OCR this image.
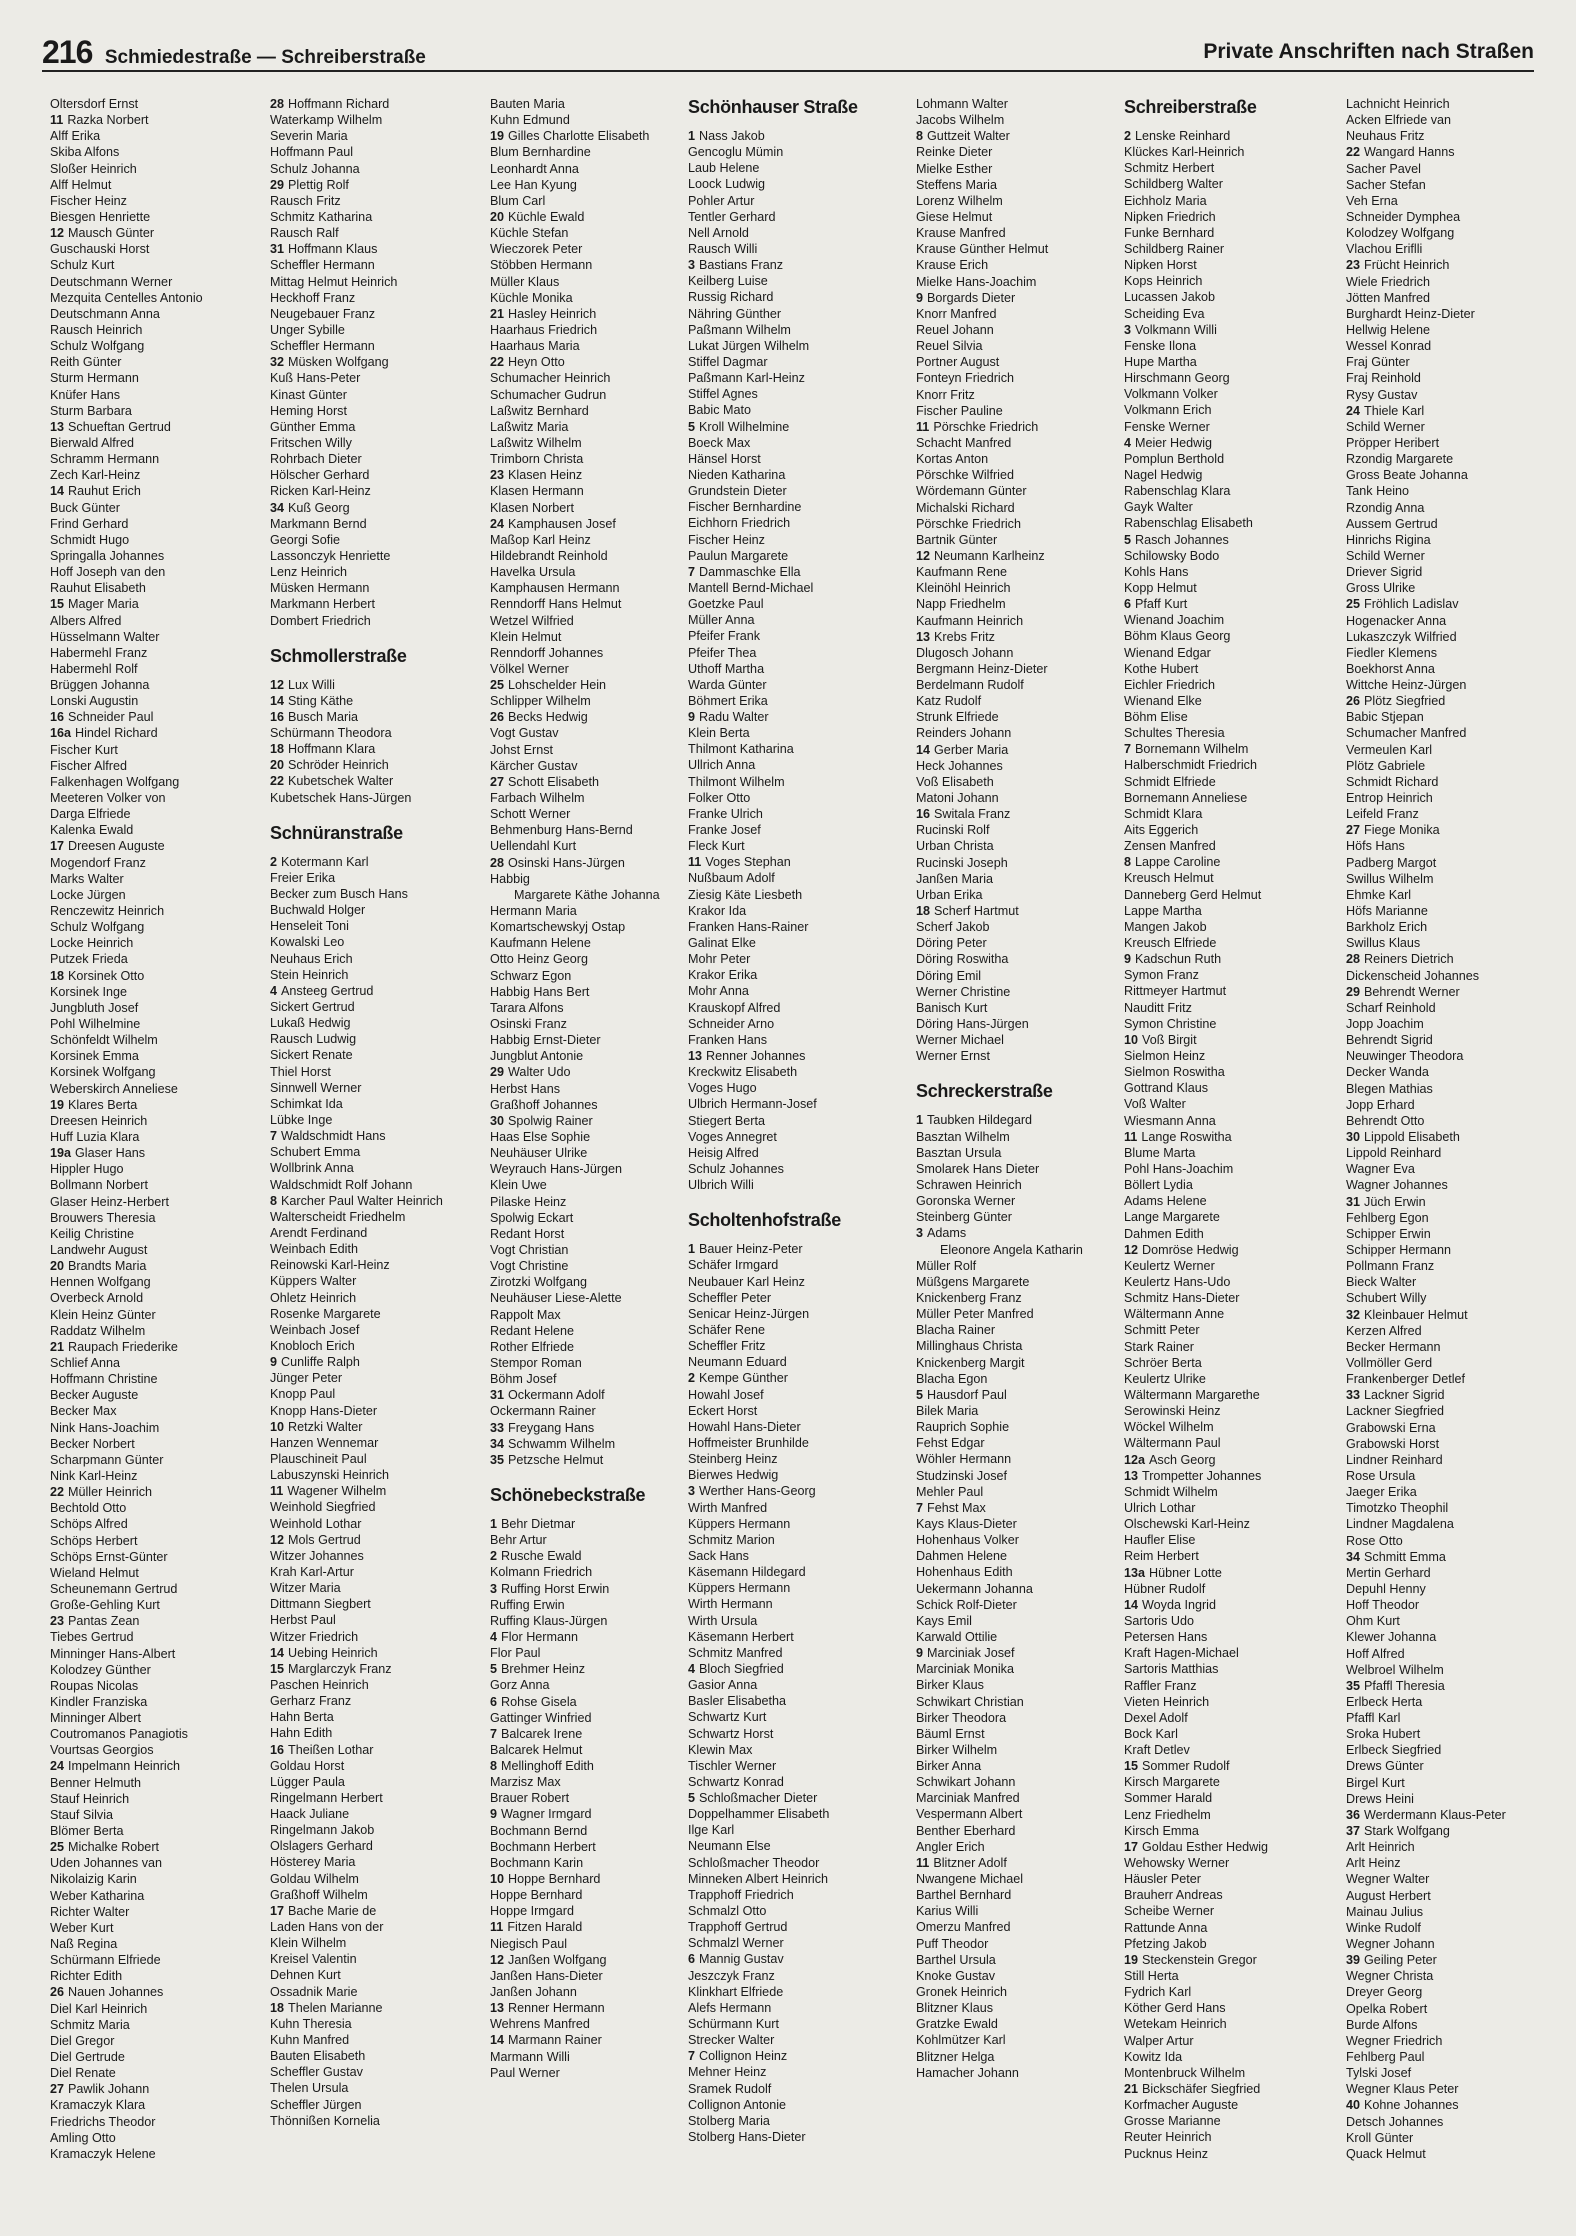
216 Schmiedestraße — Schreiberstraße	Private Anschriften nach Straßen
Oltersdorf Ernst
11 Razka Norbert
Alff Erika
Skiba Alfons
Sloßer Heinrich
Alff Helmut
Fischer Heinz
Biesgen Henriette
12 Mausch Günter
Guschauski Horst
Schulz Kurt
Deutschmann Werner
Mezquita Centelles Antonio
Deutschmann Anna
Rausch Heinrich
Schulz Wolfgang
Reith Günter
Sturm Hermann
Knüfer Hans
Sturm Barbara
13 Schueftan Gertrud
Bierwald Alfred
Schramm Hermann
Zech Karl-Heinz
14 Rauhut Erich
Buck Günter
Frind Gerhard
Schmidt Hugo
Springalla Johannes
Hoff Joseph van den
Rauhut Elisabeth
15 Mager Maria
Albers Alfred
Hüsselmann Walter
Habermehl Franz
Habermehl Rolf
Brüggen Johanna
Lonski Augustin
16 Schneider Paul
16a Hindel Richard
Fischer Kurt
Fischer Alfred
Falkenhagen Wolfgang
Meeteren Volker von
Darga Elfriede
Kalenka Ewald
17 Dreesen Auguste
Mogendorf Franz
Marks Walter
Locke Jürgen
Renczewitz Heinrich
Schulz Wolfgang
Locke Heinrich
Putzek Frieda
18 Korsinek Otto
Korsinek Inge
Jungbluth Josef
Pohl Wilhelmine
Schönfeldt Wilhelm
Korsinek Emma
Korsinek Wolfgang
Weberskirch Anneliese
19 Klares Berta
Dreesen Heinrich
Huff Luzia Klara
19a Glaser Hans
Hippler Hugo
Bollmann Norbert
Glaser Heinz-Herbert
Brouwers Theresia
Keilig Christine
Landwehr August
20 Brandts Maria
Hennen Wolfgang
Overbeck Arnold
Klein Heinz Günter
Raddatz Wilhelm
21 Raupach Friederike
Schlief Anna
Hoffmann Christine
Becker Auguste
Becker Max
Nink Hans-Joachim
Becker Norbert
Scharpmann Günter
Nink Karl-Heinz
22 Müller Heinrich
Bechtold Otto
Schöps Alfred
Schöps Herbert
Schöps Ernst-Günter
Wieland Helmut
Scheunemann Gertrud
Große-Gehling Kurt
23 Pantas Zean
Tiebes Gertrud
Minninger Hans-Albert
Kolodzey Günther
Roupas Nicolas
Kindler Franziska
Minninger Albert
Coutromanos Panagiotis
Vourtsas Georgios
24 Impelmann Heinrich
Benner Helmuth
Stauf Heinrich
Stauf Silvia
Blömer Berta
25 Michalke Robert
Uden Johannes van
Nikolaizig Karin
Weber Katharina
Richter Walter
Weber Kurt
Naß Regina
Schürmann Elfriede
Richter Edith
26 Nauen Johannes
Diel Karl Heinrich
Schmitz Maria
Diel Gregor
Diel Gertrude
Diel Renate
27 Pawlik Johann
Kramaczyk Klara
Friedrichs Theodor
Amling Otto
Kramaczyk Helene
28 Hoffmann Richard
Waterkamp Wilhelm
Severin Maria
Hoffmann Paul
Schulz Johanna
29 Plettig Rolf
Rausch Fritz
Schmitz Katharina
Rausch Ralf
31 Hoffmann Klaus
Scheffler Hermann
Mittag Helmut Heinrich
Heckhoff Franz
Neugebauer Franz
Unger Sybille
Scheffler Hermann
32 Müsken Wolfgang
Kuß Hans-Peter
Kinast Günter
Heming Horst
Günther Emma
Fritschen Willy
Rohrbach Dieter
Hölscher Gerhard
Ricken Karl-Heinz
34 Kuß Georg
Markmann Bernd
Georgi Sofie
Lassonczyk Henriette
Lenz Heinrich
Müsken Hermann
Markmann Herbert
Dombert Friedrich
Schmollerstraße
12 Lux Willi
14 Sting Käthe
16 Busch Maria
Schürmann Theodora
18 Hoffmann Klara
20 Schröder Heinrich
22 Kubetschek Walter
Kubetschek Hans-Jürgen
Schnüranstraße
2 Kotermann Karl
Freier Erika
Becker zum Busch Hans
Buchwald Holger
Henseleit Toni
Kowalski Leo
Neuhaus Erich
Stein Heinrich
4 Ansteeg Gertrud
Sickert Gertrud
Lukaß Hedwig
Rausch Ludwig
Sickert Renate
Thiel Horst
Sinnwell Werner
Schimkat Ida
Lübke Inge
7 Waldschmidt Hans
Schubert Emma
Wollbrink Anna
Waldschmidt Rolf Johann
8 Karcher Paul Walter Heinrich
Walterscheidt Friedhelm
Arendt Ferdinand
Weinbach Edith
Reinowski Karl-Heinz
Küppers Walter
Ohletz Heinrich
Rosenke Margarete
Weinbach Josef
Knobloch Erich
9 Cunliffe Ralph
Jünger Peter
Knopp Paul
Knopp Hans-Dieter
10 Retzki Walter
Hanzen Wennemar
Plauschineit Paul
Labuszynski Heinrich
11 Wagener Wilhelm
Weinhold Siegfried
Weinhold Lothar
12 Mols Gertrud
Witzer Johannes
Krah Karl-Artur
Witzer Maria
Dittmann Siegbert
Herbst Paul
Witzer Friedrich
14 Uebing Heinrich
15 Marglarczyk Franz
Paschen Heinrich
Gerharz Franz
Hahn Berta
Hahn Edith
16 Theißen Lothar
Goldau Horst
Lügger Paula
Ringelmann Herbert
Haack Juliane
Ringelmann Jakob
Olslagers Gerhard
Hösterey Maria
Goldau Wilhelm
Graßhoff Wilhelm
17 Bache Marie de
Laden Hans von der
Klein Wilhelm
Kreisel Valentin
Dehnen Kurt
Ossadnik Marie
18 Thelen Marianne
Kuhn Theresia
Kuhn Manfred
Bauten Elisabeth
Scheffler Gustav
Thelen Ursula
Scheffler Jürgen
Thönnißen Kornelia
Bauten Maria
Kuhn Edmund
19 Gilles Charlotte Elisabeth
Blum Bernhardine
Leonhardt Anna
Lee Han Kyung
Blum Carl
20 Küchle Ewald
Küchle Stefan
Wieczorek Peter
Stöbben Hermann
Müller Klaus
Küchle Monika
21 Hasley Heinrich
Haarhaus Friedrich
Haarhaus Maria
22 Heyn Otto
Schumacher Heinrich
Schumacher Gudrun
Laßwitz Bernhard
Laßwitz Maria
Laßwitz Wilhelm
Trimborn Christa
23 Klasen Heinz
Klasen Hermann
Klasen Norbert
24 Kamphausen Josef
Maßop Karl Heinz
Hildebrandt Reinhold
Havelka Ursula
Kamphausen Hermann
Renndorff Hans Helmut
Wetzel Wilfried
Klein Helmut
Renndorff Johannes
Völkel Werner
25 Lohschelder Hein
Schlipper Wilhelm
26 Becks Hedwig
Vogt Gustav
Johst Ernst
Kärcher Gustav
27 Schott Elisabeth
Farbach Wilhelm
Schott Werner
Behmenburg Hans-Bernd
Uellendahl Kurt
28 Osinski Hans-Jürgen
Habbig
Margarete Käthe Johanna
Hermann Maria
Komartschewskyj Ostap
Kaufmann Helene
Otto Heinz Georg
Schwarz Egon
Habbig Hans Bert
Tarara Alfons
Osinski Franz
Habbig Ernst-Dieter
Jungblut Antonie
29 Walter Udo
Herbst Hans
Graßhoff Johannes
30 Spolwig Rainer
Haas Else Sophie
Neuhäuser Ulrike
Weyrauch Hans-Jürgen
Klein Uwe
Pilaske Heinz
Spolwig Eckart
Redant Horst
Vogt Christian
Vogt Christine
Zirotzki Wolfgang
Neuhäuser Liese-Alette
Rappolt Max
Redant Helene
Rother Elfriede
Stempor Roman
Böhm Josef
31 Ockermann Adolf
Ockermann Rainer
33 Freygang Hans
34 Schwamm Wilhelm
35 Petzsche Helmut
Schönebeckstraße
1 Behr Dietmar
Behr Artur
2 Rusche Ewald
Kolmann Friedrich
3 Ruffing Horst Erwin
Ruffing Erwin
Ruffing Klaus-Jürgen
4 Flor Hermann
Flor Paul
5 Brehmer Heinz
Gorz Anna
6 Rohse Gisela
Gattinger Winfried
7 Balcarek Irene
Balcarek Helmut
8 Mellinghoff Edith
Marzisz Max
Brauer Robert
9 Wagner Irmgard
Bochmann Bernd
Bochmann Herbert
Bochmann Karin
10 Hoppe Bernhard
Hoppe Bernhard
Hoppe Irmgard
11 Fitzen Harald
Niegisch Paul
12 Janßen Wolfgang
Janßen Hans-Dieter
Janßen Johann
13 Renner Hermann
Wehrens Manfred
14 Marmann Rainer
Marmann Willi
Paul Werner
Schönhauser Straße
1 Nass Jakob
Gencoglu Mümin
Laub Helene
Loock Ludwig
Pohler Artur
Tentler Gerhard
Nell Arnold
Rausch Willi
3 Bastians Franz
Keilberg Luise
Russig Richard
Nähring Günther
Paßmann Wilhelm
Lukat Jürgen Wilhelm
Stiffel Dagmar
Paßmann Karl-Heinz
Stiffel Agnes
Babic Mato
5 Kroll Wilhelmine
Boeck Max
Hänsel Horst
Nieden Katharina
Grundstein Dieter
Fischer Bernhardine
Eichhorn Friedrich
Fischer Heinz
Paulun Margarete
7 Dammaschke Ella
Mantell Bernd-Michael
Goetzke Paul
Müller Anna
Pfeifer Frank
Pfeifer Thea
Uthoff Martha
Warda Günter
Böhmert Erika
9 Radu Walter
Klein Berta
Thilmont Katharina
Ullrich Anna
Thilmont Wilhelm
Folker Otto
Franke Ulrich
Franke Josef
Fleck Kurt
11 Voges Stephan
Nußbaum Adolf
Ziesig Käte Liesbeth
Krakor Ida
Franken Hans-Rainer
Galinat Elke
Mohr Peter
Krakor Erika
Mohr Anna
Krauskopf Alfred
Schneider Arno
Franken Hans
13 Renner Johannes
Kreckwitz Elisabeth
Voges Hugo
Ulbrich Hermann-Josef
Stiegert Berta
Voges Annegret
Heisig Alfred
Schulz Johannes
Ulbrich Willi
Scholtenhofstraße
1 Bauer Heinz-Peter
Schäfer Irmgard
Neubauer Karl Heinz
Scheffler Peter
Senicar Heinz-Jürgen
Schäfer Rene
Scheffler Fritz
Neumann Eduard
2 Kempe Günther
Howahl Josef
Eckert Horst
Howahl Hans-Dieter
Hoffmeister Brunhilde
Steinberg Heinz
Bierwes Hedwig
3 Werther Hans-Georg
Wirth Manfred
Küppers Hermann
Schmitz Marion
Sack Hans
Käsemann Hildegard
Küppers Hermann
Wirth Hermann
Wirth Ursula
Käsemann Herbert
Schmitz Manfred
4 Bloch Siegfried
Gasior Anna
Basler Elisabetha
Schwartz Kurt
Schwartz Horst
Klewin Max
Tischler Werner
Schwartz Konrad
5 Schloßmacher Dieter
Doppelhammer Elisabeth
Ilge Karl
Neumann Else
Schloßmacher Theodor
Minneken Albert Heinrich
Trapphoff Friedrich
Schmalzl Otto
Trapphoff Gertrud
Schmalzl Werner
6 Mannig Gustav
Jeszczyk Franz
Klinkhart Elfriede
Alefs Hermann
Schürmann Kurt
Strecker Walter
7 Collignon Heinz
Mehner Heinz
Sramek Rudolf
Collignon Antonie
Stolberg Maria
Stolberg Hans-Dieter
Lohmann Walter
Jacobs Wilhelm
8 Guttzeit Walter
Reinke Dieter
Mielke Esther
Steffens Maria
Lorenz Wilhelm
Giese Helmut
Krause Manfred
Krause Günther Helmut
Krause Erich
Mielke Hans-Joachim
9 Borgards Dieter
Knorr Manfred
Reuel Johann
Reuel Silvia
Portner August
Fonteyn Friedrich
Knorr Fritz
Fischer Pauline
11 Pörschke Friedrich
Schacht Manfred
Kortas Anton
Pörschke Wilfried
Wördemann Günter
Michalski Richard
Pörschke Friedrich
Bartnik Günter
12 Neumann Karlheinz
Kaufmann Rene
Kleinöhl Heinrich
Napp Friedhelm
Kaufmann Heinrich
13 Krebs Fritz
Dlugosch Johann
Bergmann Heinz-Dieter
Berdelmann Rudolf
Katz Rudolf
Strunk Elfriede
Reinders Johann
14 Gerber Maria
Heck Johannes
Voß Elisabeth
Matoni Johann
16 Switala Franz
Rucinski Rolf
Urban Christa
Rucinski Joseph
Janßen Maria
Urban Erika
18 Scherf Hartmut
Scherf Jakob
Döring Peter
Döring Roswitha
Döring Emil
Werner Christine
Banisch Kurt
Döring Hans-Jürgen
Werner Michael
Werner Ernst
Schreckerstraße
1 Taubken Hildegard
Basztan Wilhelm
Basztan Ursula
Smolarek Hans Dieter
Schrawen Heinrich
Goronska Werner
Steinberg Günter
3 Adams
Eleonore Angela Katharin
Müller Rolf
Müßgens Margarete
Knickenberg Franz
Müller Peter Manfred
Blacha Rainer
Millinghaus Christa
Knickenberg Margit
Blacha Egon
5 Hausdorf Paul
Bilek Maria
Rauprich Sophie
Fehst Edgar
Wöhler Hermann
Studzinski Josef
Mehler Paul
7 Fehst Max
Kays Klaus-Dieter
Hohenhaus Volker
Dahmen Helene
Hohenhaus Edith
Uekermann Johanna
Schick Rolf-Dieter
Kays Emil
Karwald Ottilie
9 Marciniak Josef
Marciniak Monika
Birker Klaus
Schwikart Christian
Birker Theodora
Bäuml Ernst
Birker Wilhelm
Birker Anna
Schwikart Johann
Marciniak Manfred
Vespermann Albert
Benther Eberhard
Angler Erich
11 Blitzner Adolf
Nwangene Michael
Barthel Bernhard
Karius Willi
Omerzu Manfred
Puff Theodor
Barthel Ursula
Knoke Gustav
Gronek Heinrich
Blitzner Klaus
Gratzke Ewald
Kohlmützer Karl
Blitzner Helga
Hamacher Johann
Schreiberstraße
2 Lenske Reinhard
Klückes Karl-Heinrich
Schmitz Herbert
Schildberg Walter
Eichholz Maria
Nipken Friedrich
Funke Bernhard
Schildberg Rainer
Nipken Horst
Kops Heinrich
Lucassen Jakob
Scheiding Eva
3 Volkmann Willi
Fenske Ilona
Hupe Martha
Hirschmann Georg
Volkmann Volker
Volkmann Erich
Fenske Werner
4 Meier Hedwig
Pomplun Berthold
Nagel Hedwig
Rabenschlag Klara
Gayk Walter
Rabenschlag Elisabeth
5 Rasch Johannes
Schilowsky Bodo
Kohls Hans
Kopp Helmut
6 Pfaff Kurt
Wienand Joachim
Böhm Klaus Georg
Wienand Edgar
Kothe Hubert
Eichler Friedrich
Wienand Elke
Böhm Elise
Schultes Theresia
7 Bornemann Wilhelm
Halberschmidt Friedrich
Schmidt Elfriede
Bornemann Anneliese
Schmidt Klara
Aits Eggerich
Zensen Manfred
8 Lappe Caroline
Kreusch Helmut
Danneberg Gerd Helmut
Lappe Martha
Mangen Jakob
Kreusch Elfriede
9 Kadschun Ruth
Symon Franz
Rittmeyer Hartmut
Nauditt Fritz
Symon Christine
10 Voß Birgit
Sielmon Heinz
Sielmon Roswitha
Gottrand Klaus
Voß Walter
Wiesmann Anna
11 Lange Roswitha
Blume Marta
Pohl Hans-Joachim
Böllert Lydia
Adams Helene
Lange Margarete
Dahmen Edith
12 Domröse Hedwig
Keulertz Werner
Keulertz Hans-Udo
Schmitz Hans-Dieter
Wältermann Anne
Schmitt Peter
Stark Rainer
Schröer Berta
Keulertz Ulrike
Wältermann Margarethe
Serowinski Heinz
Wöckel Wilhelm
Wältermann Paul
12a Asch Georg
13 Trompetter Johannes
Schmidt Wilhelm
Ulrich Lothar
Olschewski Karl-Heinz
Haufler Elise
Reim Herbert
13a Hübner Lotte
Hübner Rudolf
14 Woyda Ingrid
Sartoris Udo
Petersen Hans
Kraft Hagen-Michael
Sartoris Matthias
Raffler Franz
Vieten Heinrich
Dexel Adolf
Bock Karl
Kraft Detlev
15 Sommer Rudolf
Kirsch Margarete
Sommer Harald
Lenz Friedhelm
Kirsch Emma
17 Goldau Esther Hedwig
Wehowsky Werner
Häusler Peter
Brauherr Andreas
Scheibe Werner
Rattunde Anna
Pfetzing Jakob
19 Steckenstein Gregor
Still Herta
Fydrich Karl
Köther Gerd Hans
Wetekam Heinrich
Walper Artur
Kowitz Ida
Montenbruck Wilhelm
21 Bickschäfer Siegfried
Korfmacher Auguste
Grosse Marianne
Reuter Heinrich
Pucknus Heinz
Lachnicht Heinrich
Acken Elfriede van
Neuhaus Fritz
22 Wangard Hanns
Sacher Pavel
Sacher Stefan
Veh Erna
Schneider Dymphea
Kolodzey Wolfgang
Vlachou Eriflli
23 Frücht Heinrich
Wiele Friedrich
Jötten Manfred
Burghardt Heinz-Dieter
Hellwig Helene
Wessel Konrad
Fraj Günter
Fraj Reinhold
Rysy Gustav
24 Thiele Karl
Schild Werner
Pröpper Heribert
Rzondig Margarete
Gross Beate Johanna
Tank Heino
Rzondig Anna
Aussem Gertrud
Hinrichs Rigina
Schild Werner
Driever Sigrid
Gross Ulrike
25 Fröhlich Ladislav
Hogenacker Anna
Lukaszczyk Wilfried
Fiedler Klemens
Boekhorst Anna
Wittche Heinz-Jürgen
26 Plötz Siegfried
Babic Stjepan
Schumacher Manfred
Vermeulen Karl
Plötz Gabriele
Schmidt Richard
Entrop Heinrich
Leifeld Franz
27 Fiege Monika
Höfs Hans
Padberg Margot
Swillus Wilhelm
Ehmke Karl
Höfs Marianne
Barkholz Erich
Swillus Klaus
28 Reiners Dietrich
Dickenscheid Johannes
29 Behrendt Werner
Scharf Reinhold
Jopp Joachim
Behrendt Sigrid
Neuwinger Theodora
Decker Wanda
Blegen Mathias
Jopp Erhard
Behrendt Otto
30 Lippold Elisabeth
Lippold Reinhard
Wagner Eva
Wagner Johannes
31 Jüch Erwin
Fehlberg Egon
Schipper Erwin
Schipper Hermann
Pollmann Franz
Bieck Walter
Schubert Willy
32 Kleinbauer Helmut
Kerzen Alfred
Becker Hermann
Vollmöller Gerd
Frankenberger Detlef
33 Lackner Sigrid
Lackner Siegfried
Grabowski Erna
Grabowski Horst
Lindner Reinhard
Rose Ursula
Jaeger Erika
Timotzko Theophil
Lindner Magdalena
Rose Otto
34 Schmitt Emma
Mertin Gerhard
Depuhl Henny
Hoff Theodor
Ohm Kurt
Klewer Johanna
Hoff Alfred
Welbroel Wilhelm
35 Pfaffl Theresia
Erlbeck Herta
Pfaffl Karl
Sroka Hubert
Erlbeck Siegfried
Drews Günter
Birgel Kurt
Drews Heini
36 Werdermann Klaus-Peter
37 Stark Wolfgang
Arlt Heinrich
Arlt Heinz
Wegner Walter
August Herbert
Mainau Julius
Winke Rudolf
Wegner Johann
39 Geiling Peter
Wegner Christa
Dreyer Georg
Opelka Robert
Burde Alfons
Wegner Friedrich
Fehlberg Paul
Tylski Josef
Wegner Klaus Peter
40 Kohne Johannes
Detsch Johannes
Kroll Günter
Quack Helmut
